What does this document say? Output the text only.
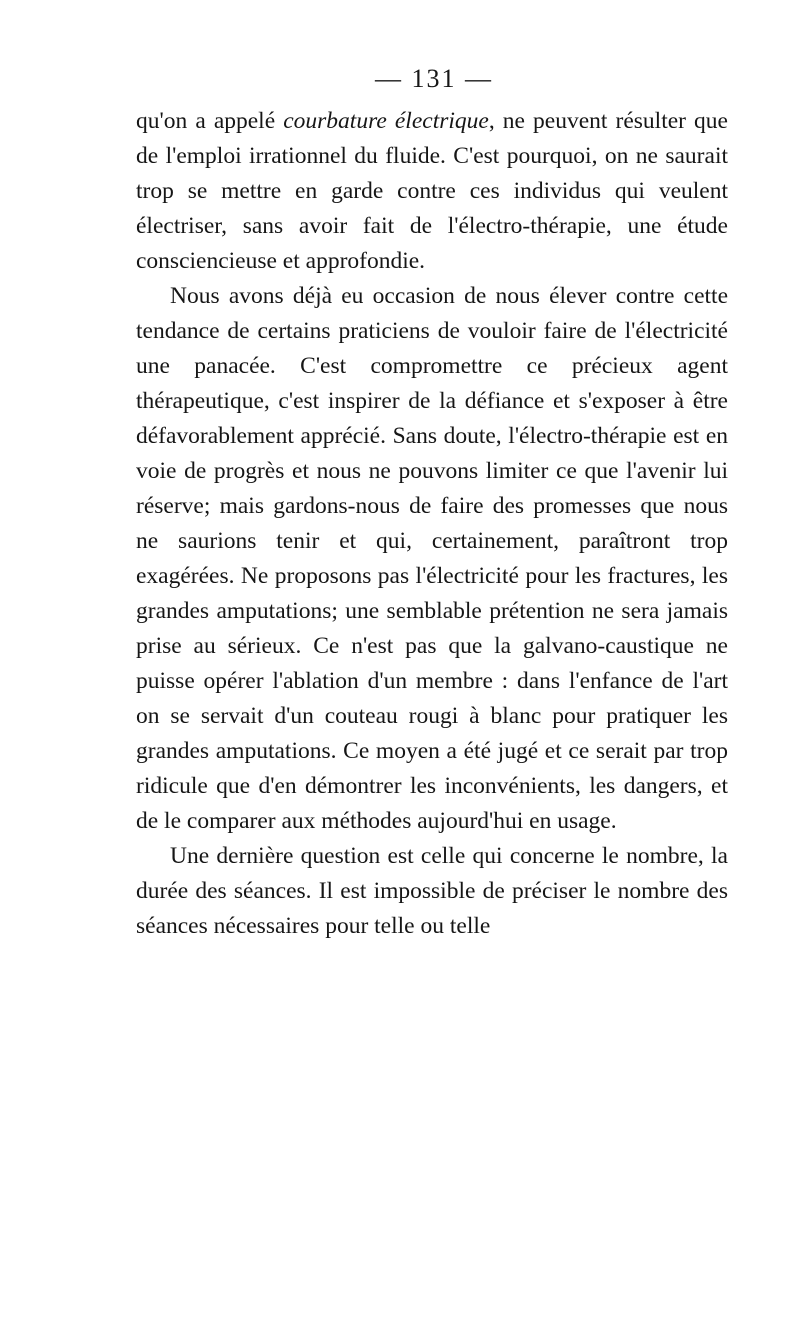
— 131 —

qu'on a appelé courbature électrique, ne peuvent résulter que de l'emploi irrationnel du fluide. C'est pourquoi, on ne saurait trop se mettre en garde contre ces individus qui veulent électriser, sans avoir fait de l'électro-thérapie, une étude consciencieuse et approfondie.

Nous avons déjà eu occasion de nous élever contre cette tendance de certains praticiens de vouloir faire de l'électricité une panacée. C'est compromettre ce précieux agent thérapeutique, c'est inspirer de la défiance et s'exposer à être défavorablement apprécié. Sans doute, l'électro-thérapie est en voie de progrès et nous ne pouvons limiter ce que l'avenir lui réserve; mais gardons-nous de faire des promesses que nous ne saurions tenir et qui, certainement, paraîtront trop exagérées. Ne proposons pas l'électricité pour les fractures, les grandes amputations; une semblable prétention ne sera jamais prise au sérieux. Ce n'est pas que la galvano-caustique ne puisse opérer l'ablation d'un membre : dans l'enfance de l'art on se servait d'un couteau rougi à blanc pour pratiquer les grandes amputations. Ce moyen a été jugé et ce serait par trop ridicule que d'en démontrer les inconvénients, les dangers, et de le comparer aux méthodes aujourd'hui en usage.

Une dernière question est celle qui concerne le nombre, la durée des séances. Il est impossible de préciser le nombre des séances nécessaires pour telle ou telle
